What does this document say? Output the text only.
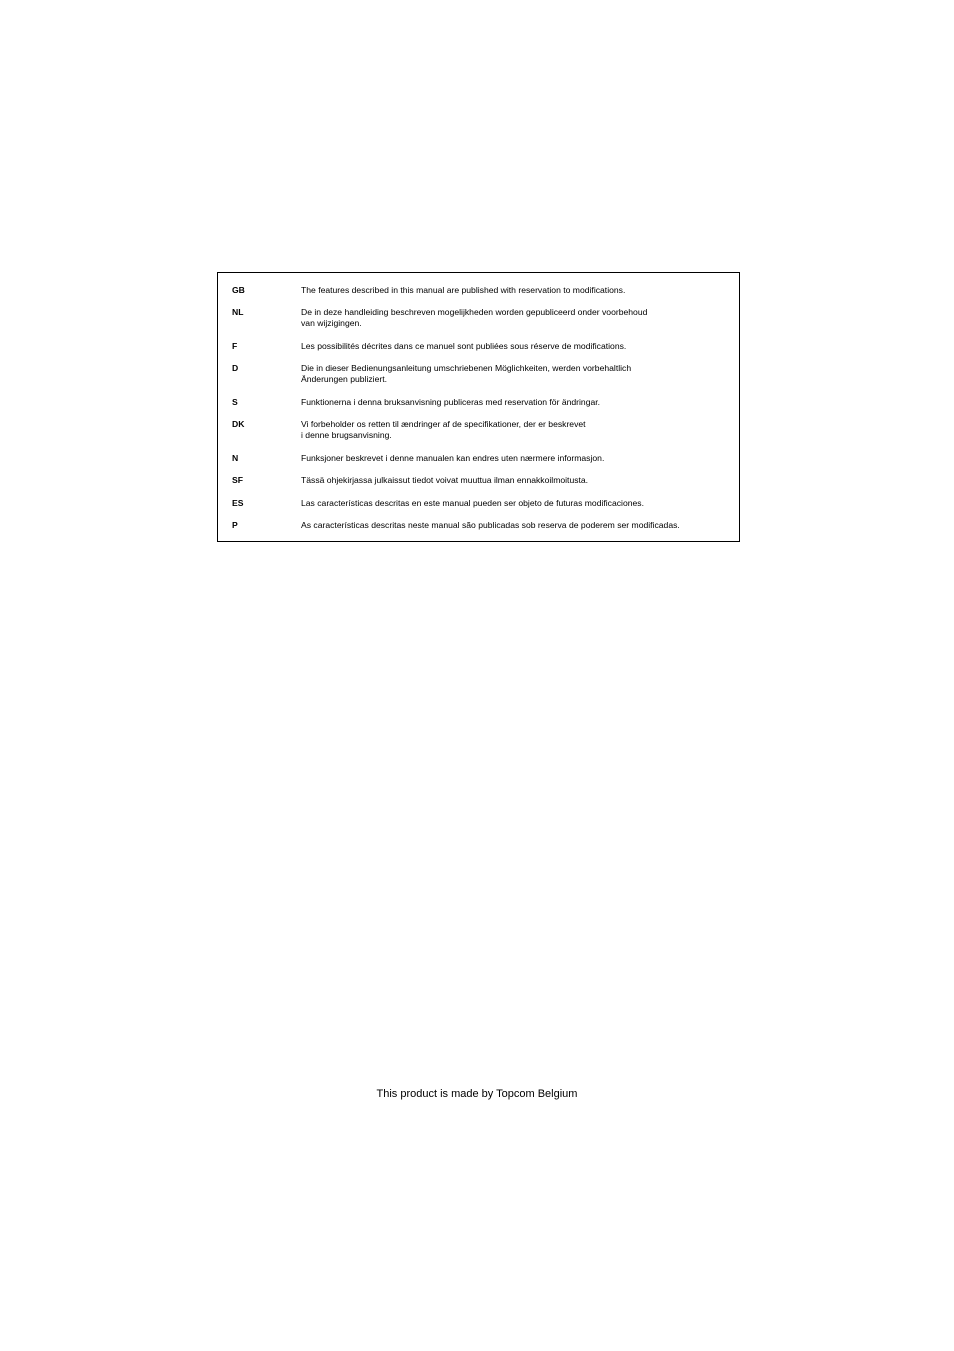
GB	The features described in this manual are published with reservation to modifications.
NL	De in deze handleiding beschreven mogelijkheden worden gepubliceerd onder voorbehoud
van wijzigingen.
F	Les possibilités décrites dans ce manuel sont publiées sous réserve de modifications.
D	Die in dieser Bedienungsanleitung umschriebenen Möglichkeiten, werden vorbehaltlich
Änderungen publiziert.
S	Funktionerna i denna bruksanvisning publiceras med reservation för ändringar.
DK	Vi forbeholder os retten til ændringer af de specifikationer, der er beskrevet
i denne brugsanvisning.
N	Funksjoner beskrevet i denne manualen kan endres uten nærmere informasjon.
SF	Tässä ohjekirjassa julkaissut tiedot voivat muuttua ilman ennakkoilmoitusta.
ES	Las características descritas en este manual pueden ser objeto de futuras modificaciones.
P	As características descritas neste manual são publicadas sob reserva de poderem ser modificadas.
This product is made by Topcom Belgium
